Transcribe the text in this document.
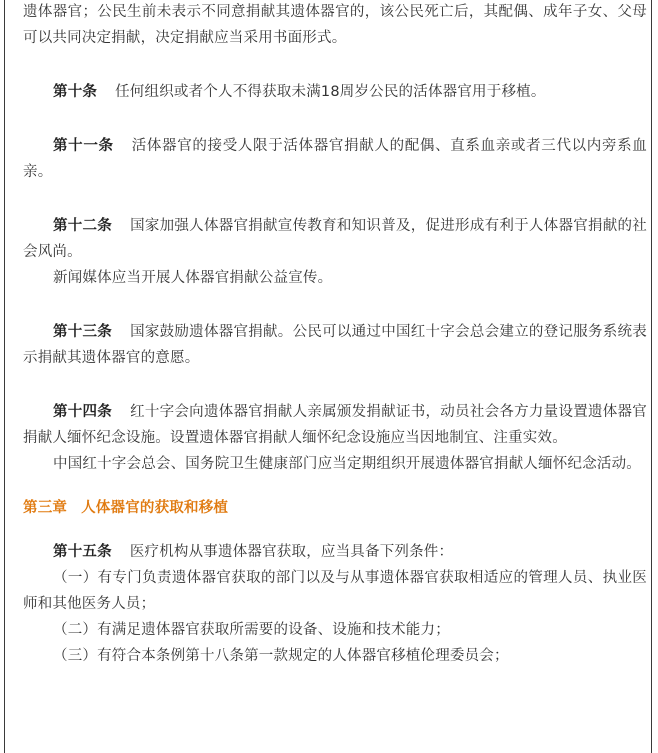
遗体器官；公民生前未表示不同意捐献其遗体器官的，该公民死亡后，其配偶、成年子女、父母可以共同决定捐献，决定捐献应当采用书面形式。

第十条 任何组织或者个人不得获取未满18周岁公民的活体器官用于移植。

第十一条 活体器官的接受人限于活体器官捐献人的配偶、直系血亲或者三代以内旁系血亲。

第十二条 国家加强人体器官捐献宣传教育和知识普及，促进形成有利于人体器官捐献的社会风尚。

新闻媒体应当开展人体器官捐献公益宣传。

第十三条 国家鼓励遗体器官捐献。公民可以通过中国红十字会总会建立的登记服务系统表示捐献其遗体器官的意愿。

第十四条 红十字会向遗体器官捐献人亲属颁发捐献证书，动员社会各方力量设置遗体器官捐献人缅怀纪念设施。设置遗体器官捐献人缅怀纪念设施应当因地制宜、注重实效。

中国红十字会总会、国务院卫生健康部门应当定期组织开展遗体器官捐献人缅怀纪念活动。

第三章 人体器官的获取和移植

第十五条 医疗机构从事遗体器官获取，应当具备下列条件：

（一）有专门负责遗体器官获取的部门以及与从事遗体器官获取相适应的管理人员、执业医师和其他医务人员；

（二）有满足遗体器官获取所需要的设备、设施和技术能力；

（三）有符合本条例第十八条第一款规定的人体器官移植伦理委员会；
